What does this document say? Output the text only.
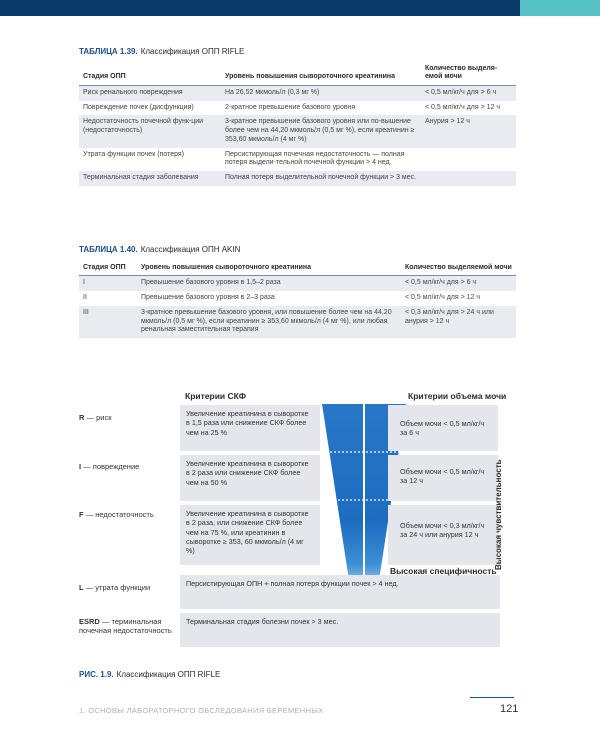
ТАБЛИЦА 1.39. Классификация ОПП RIFLE
Стадия ОПП	Уровень повышения сывороточного креатинина	Количество выделя-емой мочи
Риск ренального повреждения	На 26,52 мкмоль/л (0,3 мг %)	< 0,5 мл/кг/ч для > 6 ч
Повреждение почек (дисфункция)	2-кратное превышение базового уровня	< 0,5 мл/кг/ч для > 12 ч
Недостаточность почечной функ-ции (недостаточность)	3-кратное превышение базового уровня или по-вышение более чем на 44,20 мкмоль/л (0,5 мг %), если креатинин ≥ 353,60 мкмоль/л (4 мг %)	Анурия > 12 ч
Утрата функции почек (потеря)	Персистирующая почечная недостаточность — полная потеря выдели-тельной почечной функции > 4 нед.	
Терминальная стадия заболевания	Полная потеря выделительной почечной функции > 3 мес.	
ТАБЛИЦА 1.40. Классификация ОПН AKIN
Стадия ОПП	Уровень повышения сывороточного креатинина	Количество выделяемой мочи
I	Превышение базового уровня в 1,5–2 раза	< 0,5 мл/кг/ч для > 6 ч
II	Превышение базового уровня в 2–3 раза	< 0,5 мл/кг/ч для > 12 ч
III	3-кратное превышение базового уровня, или повышение более чем на 44,20 мкмоль/л (0,5 мг %), если креатинин ≥ 353,60 мкмоль/л (4 мг %), или любая ренальная заместительная терапия	< 0,3 мл/кг/ч для > 24 ч или анурия > 12 ч
Критерии СКФ	Критерии объема мочи
R — риск
I — повреждение
F — недостаточность
L — утрата функции
ESRD — терминальная почечная недостаточность
Увеличение креатинина в сыворотке в 1,5 раза или снижение СКФ более чем на 25 %
Увеличение креатинина в сыворотке в 2 раза или снижение СКФ более чем на 50 %
Увеличение креатинина в сыворотке в 2 раза, или снижение СКФ более чем на 75 %, или креатинин в сыворотке ≥ 353, 60 мкмоль/л (4 мг %)
Персистирующая ОПН + полная потеря функции почек > 4 нед.
Терминальная стадия болезни почек > 3 мес.
Объем мочи < 0,5 мл/кг/ч за 6 ч
Объем мочи < 0,5 мл/кг/ч за 12 ч
Объем мочи < 0,3 мл/кг/ч за 24 ч или анурия 12 ч
Высокая специфичность
Высокая чувствительность
РИС. 1.9. Классификация ОПП RIFLE
1. ОСНОВЫ ЛАБОРАТОРНОГО ОБСЛЕДОВАНИЯ БЕРЕМЕННЫХ	121
